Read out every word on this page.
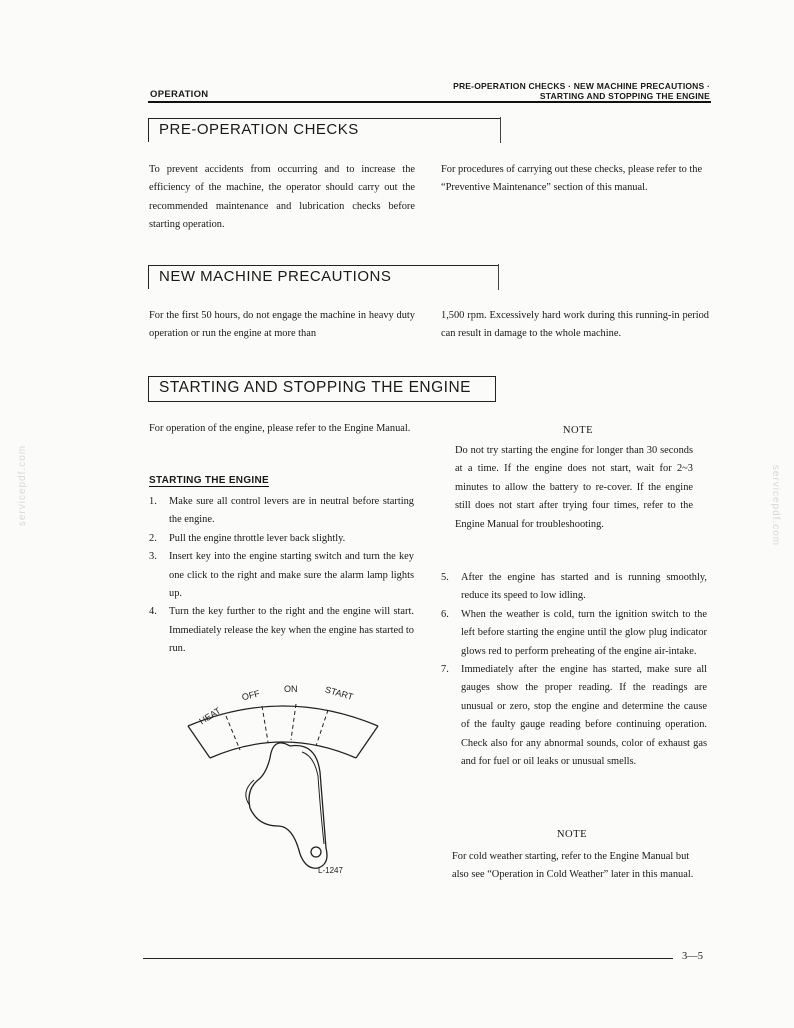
OPERATION
PRE-OPERATION CHECKS · NEW MACHINE PRECAUTIONS ·
STARTING AND STOPPING THE ENGINE
PRE-OPERATION CHECKS
To prevent accidents from occurring and to increase the efficiency of the machine, the operator should carry out the recommended maintenance and lubrication checks before starting operation.
For procedures of carrying out these checks, please refer to the “Preventive Maintenance” section of this manual.
NEW MACHINE PRECAUTIONS
For the first 50 hours, do not engage the machine in heavy duty operation or run the engine at more than
1,500 rpm. Excessively hard work during this running-in period can result in damage to the whole machine.
STARTING AND STOPPING THE ENGINE
For operation of the engine, please refer to the Engine Manual.
STARTING THE ENGINE
1. Make sure all control levers are in neutral before starting the engine.
2. Pull the engine throttle lever back slightly.
3. Insert key into the engine starting switch and turn the key one click to the right and make sure the alarm lamp lights up.
4. Turn the key further to the right and the engine will start. Immediately release the key when the engine has started to run.
HEAT
OFF	ON	START
L-1247
NOTE
Do not try starting the engine for longer than 30 seconds at a time. If the engine does not start, wait for 2~3 minutes to allow the battery to re-cover. If the engine still does not start after trying four times, refer to the Engine Manual for troubleshooting.
5. After the engine has started and is running smoothly, reduce its speed to low idling.
6. When the weather is cold, turn the ignition switch to the left before starting the engine until the glow plug indicator glows red to perform preheating of the engine air-intake.
7. Immediately after the engine has started, make sure all gauges show the proper reading. If the readings are unusual or zero, stop the engine and determine the cause of the faulty gauge reading before continuing operation. Check also for any abnormal sounds, color of exhaust gas and for fuel or oil leaks or unusual smells.
NOTE
For cold weather starting, refer to the Engine Manual but also see “Operation in Cold Weather” later in this manual.
3—5
servicepdf.com	servicepdf.com
